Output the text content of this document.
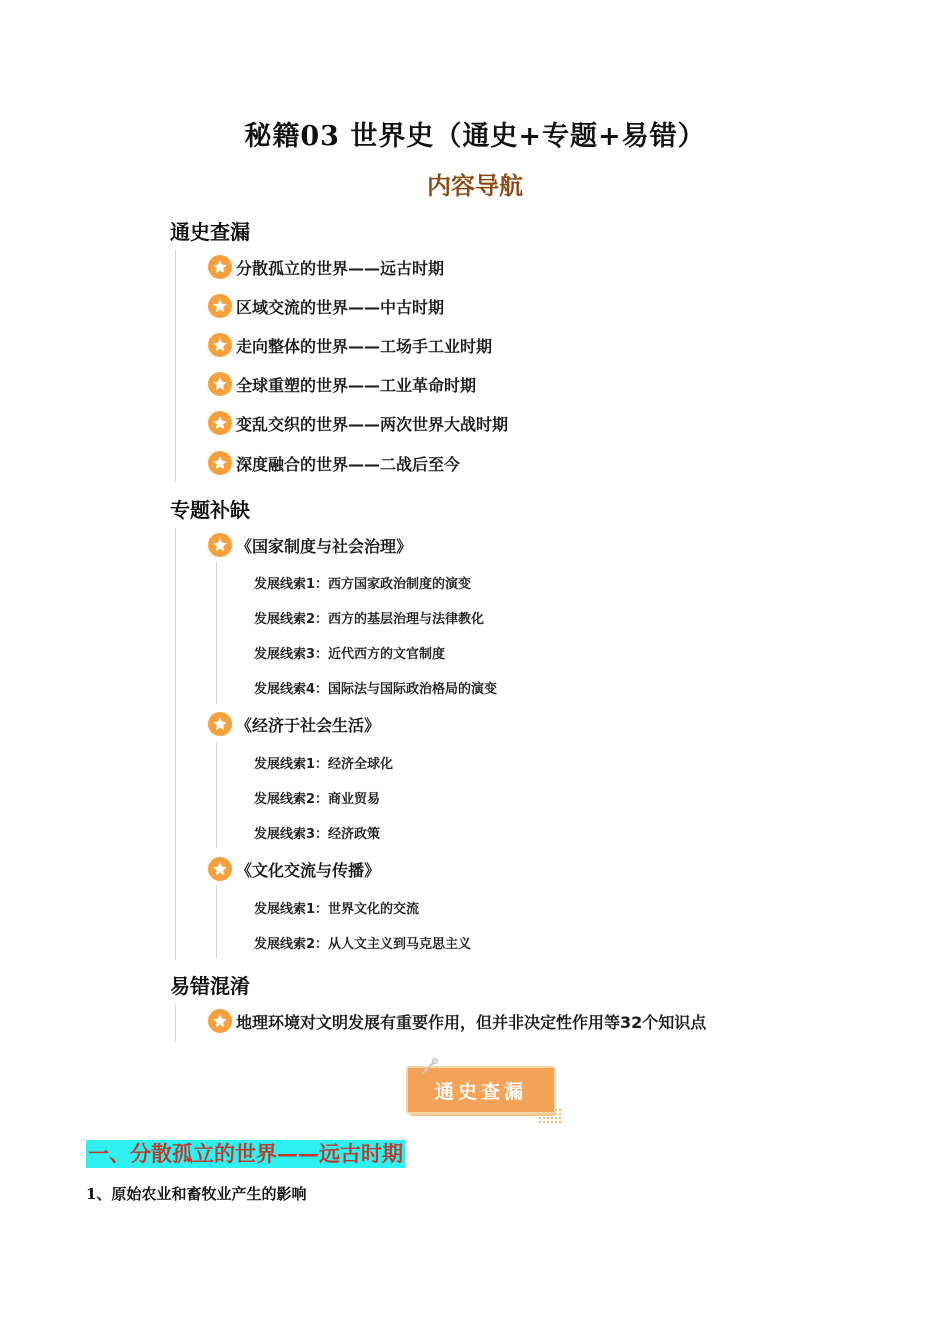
秘籍03 世界史（通史+专题+易错）
内容导航
通史查漏
分散孤立的世界——远古时期
区域交流的世界——中古时期
走向整体的世界——工场手工业时期
全球重塑的世界——工业革命时期
变乱交织的世界——两次世界大战时期
深度融合的世界——二战后至今
专题补缺
《国家制度与社会治理》
发展线索1：西方国家政治制度的演变
发展线索2：西方的基层治理与法律教化
发展线索3：近代西方的文官制度
发展线索4：国际法与国际政治格局的演变
《经济于社会生活》
发展线索1：经济全球化
发展线索2：商业贸易
发展线索3：经济政策
《文化交流与传播》
发展线索1：世界文化的交流
发展线索2：从人文主义到马克思主义
易错混淆
地理环境对文明发展有重要作用，但并非决定性作用等32个知识点
通史查漏
一、分散孤立的世界——远古时期
1、原始农业和畜牧业产生的影响
